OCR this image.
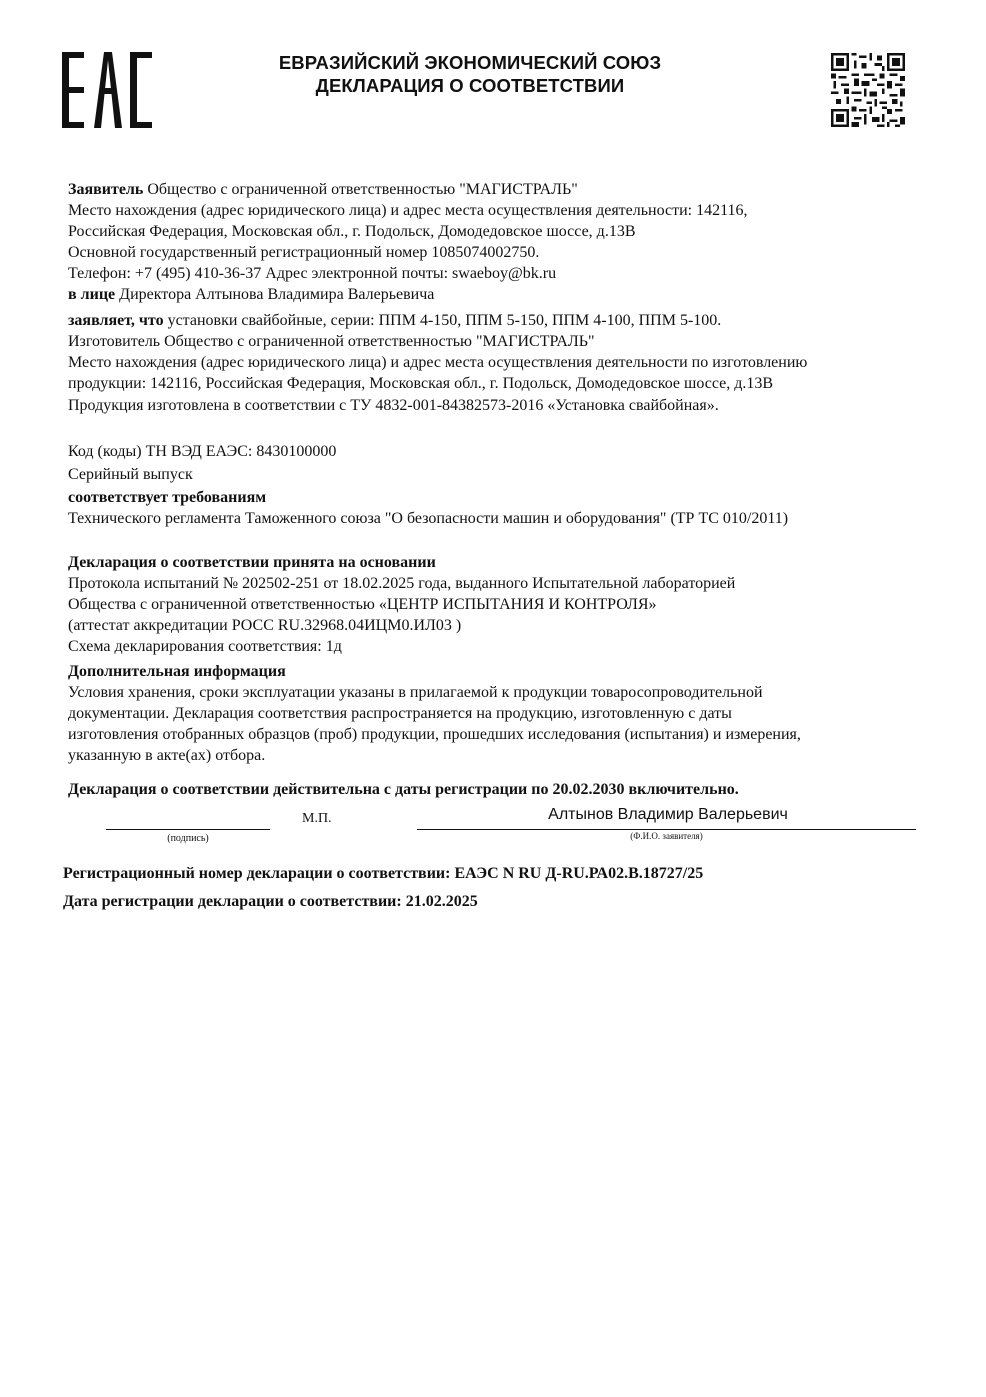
ЕВРАЗИЙСКИЙ ЭКОНОМИЧЕСКИЙ СОЮЗ
ДЕКЛАРАЦИЯ О СООТВЕТСТВИИ
Заявитель Общество с ограниченной ответственностью "МАГИСТРАЛЬ"
Место нахождения (адрес юридического лица) и адрес места осуществления деятельности: 142116,
Российская Федерация, Московская обл., г. Подольск, Домодедовское шоссе, д.13В
Основной государственный регистрационный номер 1085074002750.
Телефон: +7 (495) 410-36-37 Адрес электронной почты: swaeboy@bk.ru
в лице Директора Алтынова Владимира Валерьевича
заявляет, что установки свайбойные, серии: ППМ 4-150, ППМ 5-150, ППМ 4-100, ППМ 5-100.
Изготовитель Общество с ограниченной ответственностью "МАГИСТРАЛЬ"
Место нахождения (адрес юридического лица) и адрес места осуществления деятельности по изготовлению
продукции: 142116, Российская Федерация, Московская обл., г. Подольск, Домодедовское шоссе, д.13В
Продукция изготовлена в соответствии с ТУ 4832-001-84382573-2016 «Установка свайбойная».
Код (коды) ТН ВЭД ЕАЭС: 8430100000
Серийный выпуск
соответствует требованиям
Технического регламента Таможенного союза "О безопасности машин и оборудования" (ТР ТС 010/2011)
Декларация о соответствии принята на основании
Протокола испытаний № 202502-251 от 18.02.2025 года, выданного Испытательной лабораторией
Общества с ограниченной ответственностью «ЦЕНТР ИСПЫТАНИЯ И КОНТРОЛЯ»
(аттестат аккредитации РОСС RU.32968.04ИЦМ0.ИЛ03 )
Схема декларирования соответствия: 1д
Дополнительная информация
Условия хранения, сроки эксплуатации указаны в прилагаемой к продукции товаросопроводительной
документации. Декларация соответствия распространяется на продукцию, изготовленную с даты
изготовления отобранных образцов (проб) продукции, прошедших исследования (испытания) и измерения,
указанную в акте(ах) отбора.
Декларация о соответствии действительна с даты регистрации по 20.02.2030 включительно.
М.П.	Алтынов Владимир Валерьевич
(подпись)	(Ф.И.О. заявителя)
Регистрационный номер декларации о соответствии: ЕАЭС N RU Д-RU.РА02.В.18727/25
Дата регистрации декларации о соответствии: 21.02.2025
